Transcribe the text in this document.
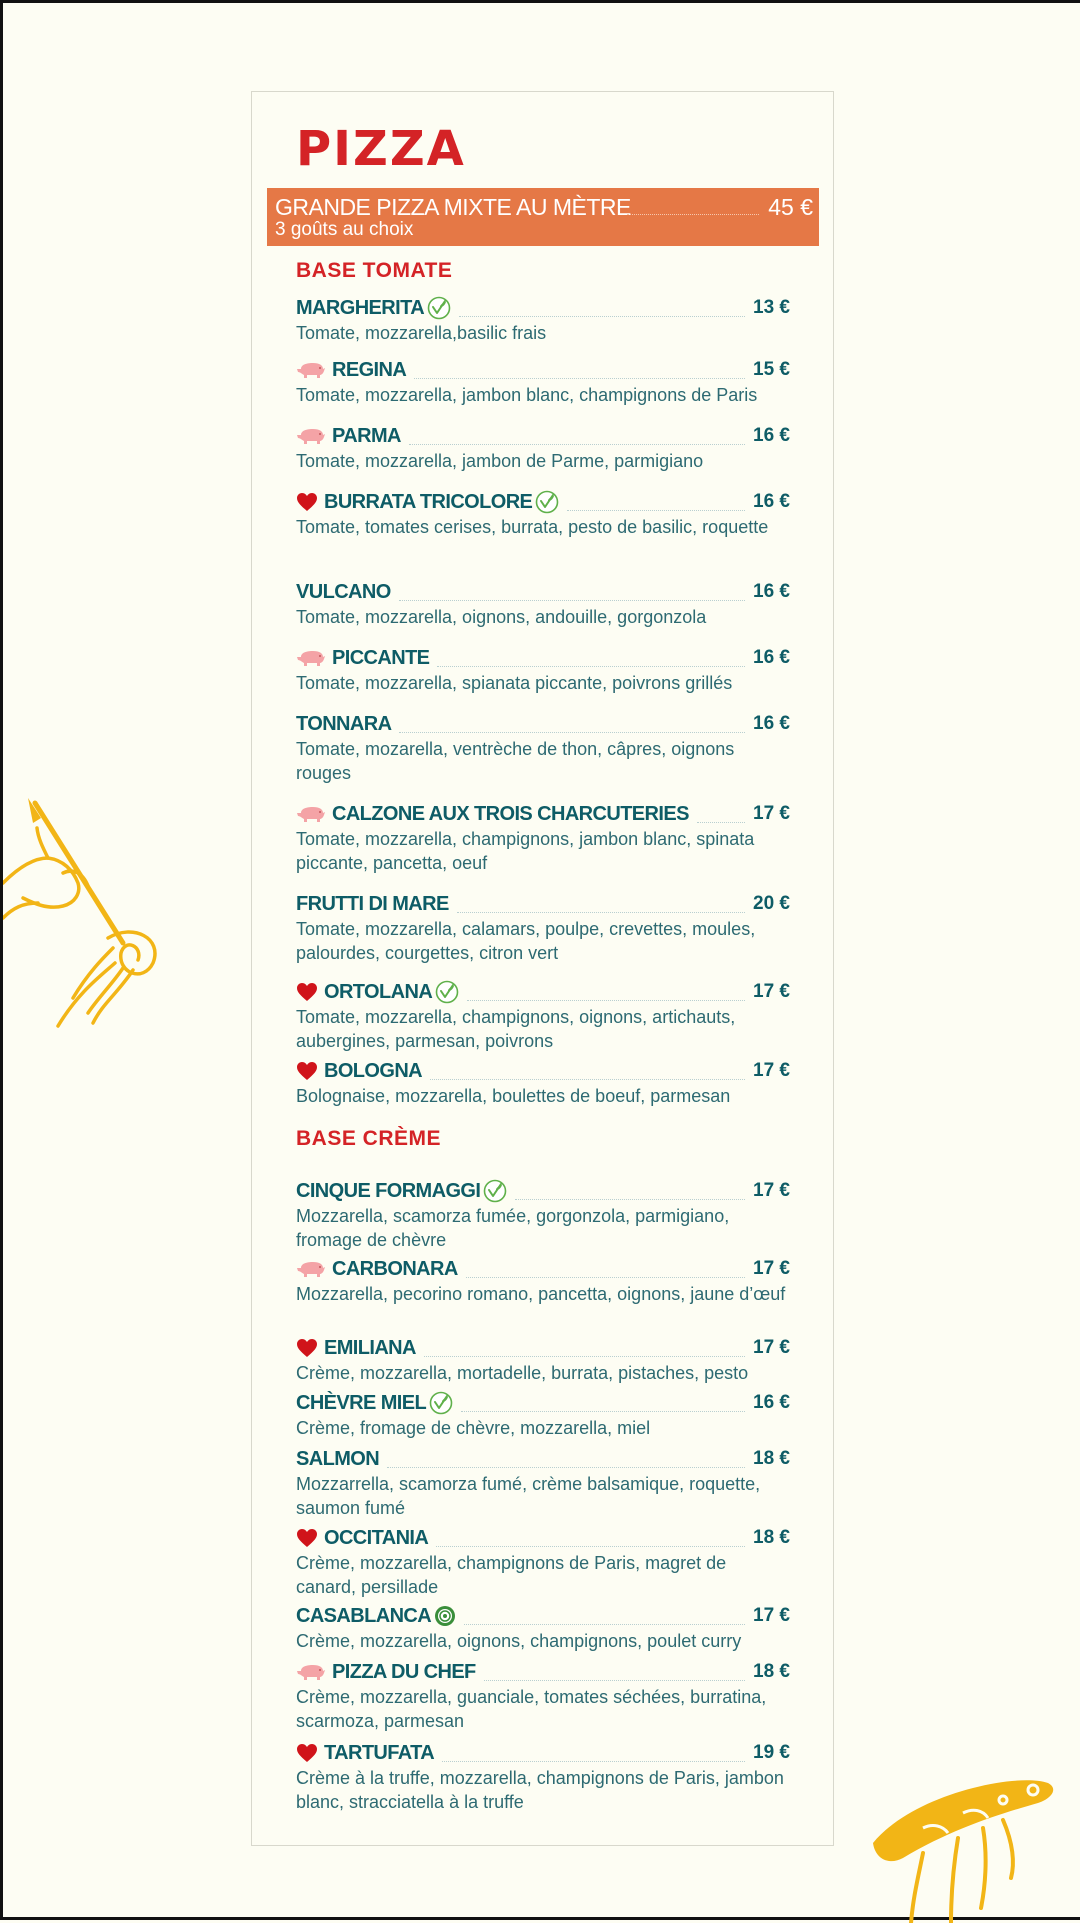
PIZZA
GRANDE PIZZA MIXTE AU MÈTRE	45 €
3 goûts au choix
BASE TOMATE
BASE CRÈME
MARGHERITA	13 €
Tomate, mozzarella,basilic frais
REGINA	15 €
Tomate, mozzarella, jambon blanc, champignons de Paris
PARMA	16 €
Tomate, mozzarella, jambon de Parme, parmigiano
BURRATA TRICOLORE	16 €
Tomate, tomates cerises, burrata, pesto de basilic, roquette
VULCANO	16 €
Tomate, mozzarella, oignons, andouille, gorgonzola
PICCANTE	16 €
Tomate, mozzarella, spianata piccante, poivrons grillés
TONNARA	16 €
Tomate, mozarella, ventrèche de thon, câpres, oignons rouges
CALZONE AUX TROIS CHARCUTERIES	17 €
Tomate, mozzarella, champignons, jambon blanc, spinata piccante, pancetta, oeuf
FRUTTI DI MARE	20 €
Tomate, mozzarella, calamars, poulpe, crevettes, moules, palourdes, courgettes, citron vert
ORTOLANA	17 €
Tomate, mozzarella, champignons, oignons, artichauts, aubergines, parmesan, poivrons
BOLOGNA	17 €
Bolognaise, mozzarella, boulettes de boeuf, parmesan
CINQUE FORMAGGI	17 €
Mozzarella, scamorza fumée, gorgonzola, parmigiano, fromage de chèvre
CARBONARA	17 €
Mozzarella, pecorino romano, pancetta, oignons, jaune d’œuf
EMILIANA	17 €
Crème, mozzarella, mortadelle, burrata, pistaches, pesto
CHÈVRE MIEL	16 €
Crème, fromage de chèvre, mozzarella, miel
SALMON	18 €
Mozzarrella, scamorza fumé, crème balsamique, roquette, saumon fumé
OCCITANIA	18 €
Crème, mozzarella, champignons de Paris, magret de canard, persillade
CASABLANCA	17 €
Crème, mozzarella, oignons, champignons, poulet curry
PIZZA DU CHEF	18 €
Crème, mozzarella, guanciale, tomates séchées, burratina, scarmoza, parmesan
TARTUFATA	19 €
Crème à la truffe, mozzarella, champignons de Paris, jambon blanc, stracciatella à la truffe
